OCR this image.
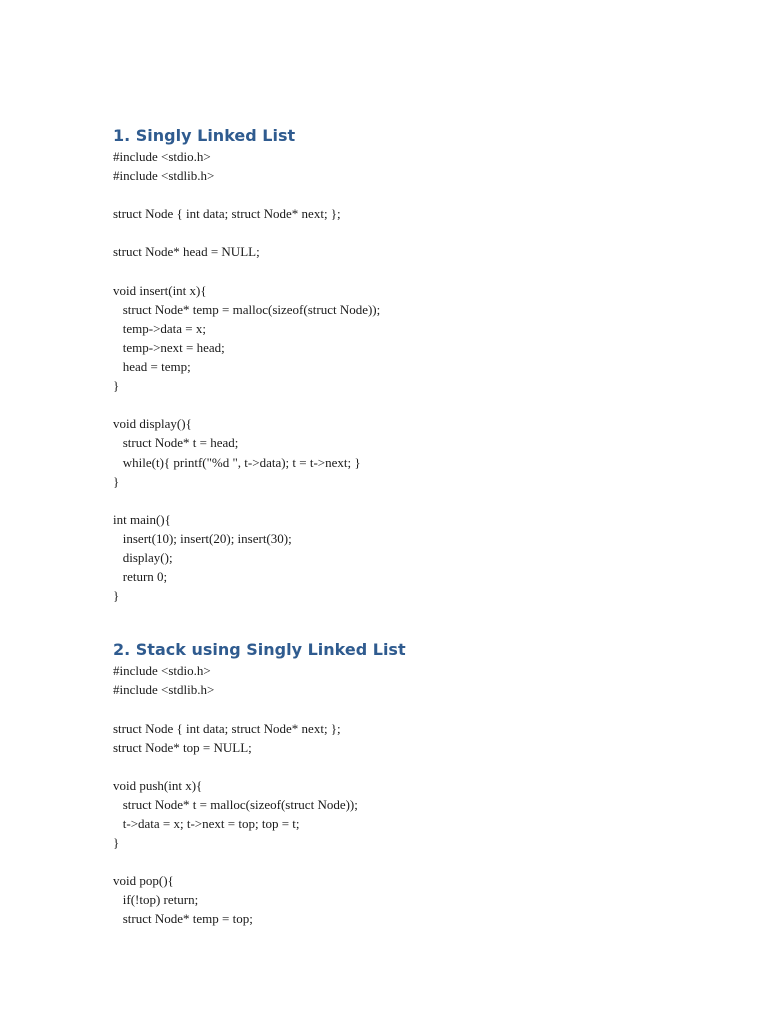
1. Singly Linked List
#include <stdio.h>
#include <stdlib.h>
struct Node { int data; struct Node* next; };
struct Node* head = NULL;
void insert(int x){
struct Node* temp = malloc(sizeof(struct Node));
temp->data = x;
temp->next = head;
head = temp;
}
void display(){
struct Node* t = head;
while(t){ printf("%d ", t->data); t = t->next; }
}
int main(){
insert(10); insert(20); insert(30);
display();
return 0;
}
2. Stack using Singly Linked List
#include <stdio.h>
#include <stdlib.h>
struct Node { int data; struct Node* next; };
struct Node* top = NULL;
void push(int x){
struct Node* t = malloc(sizeof(struct Node));
t->data = x; t->next = top; top = t;
}
void pop(){
if(!top) return;
struct Node* temp = top;
